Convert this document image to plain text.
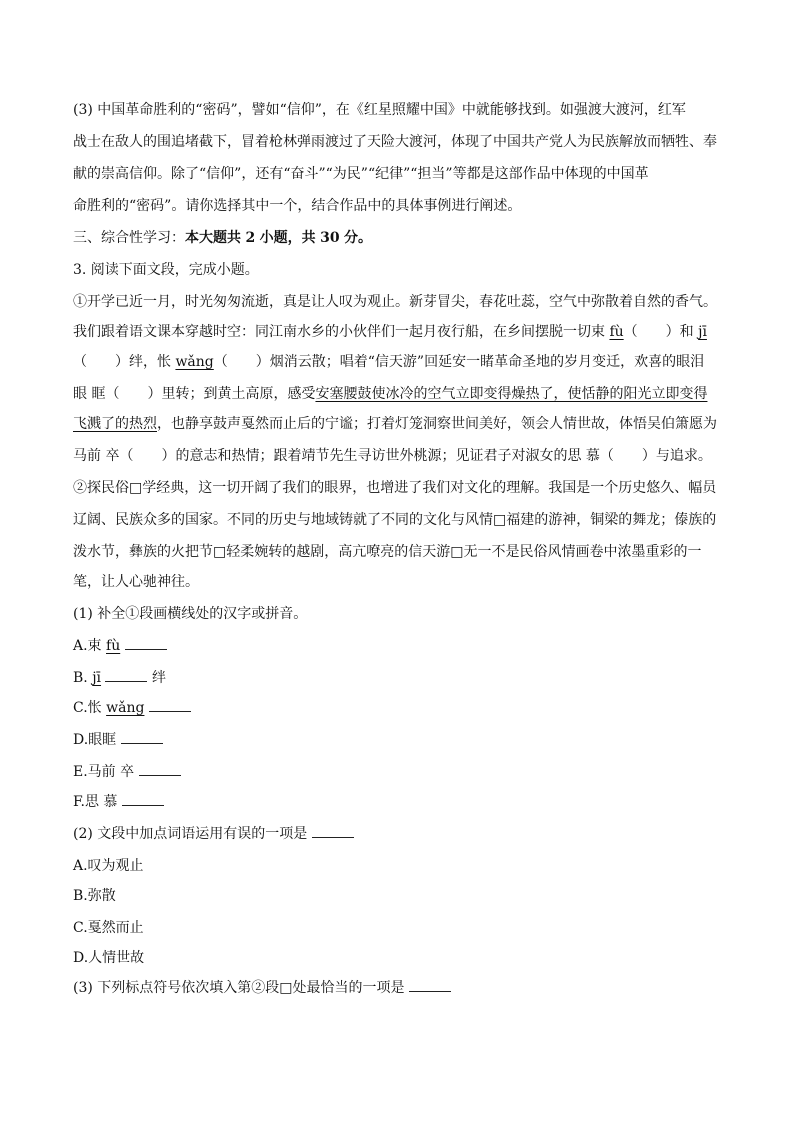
(3) 中国革命胜利的“密码”，譬如“信仰”，在《红星照耀中国》中就能够找到。如强渡大渡河，红军
战士在敌人的围追堵截下，冒着枪林弹雨渡过了天险大渡河，体现了中国共产党人为民族解放而牺牲、奉
献的崇高信仰。除了“信仰”，还有“奋斗”“为民”“纪律”“担当”等都是这部作品中体现的中国革
命胜利的“密码”。请你选择其中一个，结合作品中的具体事例进行阐述。
三、综合性学习：本大题共 2 小题，共 30 分。
3. 阅读下面文段，完成小题。
①开学已近一月，时光匆匆流逝，真是让人叹为观止。新芽冒尖，春花吐蕊，空气中弥散着自然的香气。
我们跟着语文课本穿越时空：同江南水乡的小伙伴们一起月夜行船，在乡间摆脱一切束 fù（　　）和 jī
（　　）绊，怅 wǎng（　　）烟消云散；唱着“信天游”回延安一睹革命圣地的岁月变迁，欢喜的眼泪
眼 眶（　　）里转；到黄土高原，感受安塞腰鼓使冰冷的空气立即变得燥热了，使恬静的阳光立即变得
飞溅了的热烈，也静享鼓声戛然而止后的宁谧；打着灯笼洞察世间美好，领会人情世故，体悟吴伯箫愿为
马前 卒（　　）的意志和热情；跟着靖节先生寻访世外桃源；见证君子对淑女的思 慕（　　）与追求。
②探民俗□学经典，这一切开阔了我们的眼界，也增进了我们对文化的理解。我国是一个历史悠久、幅员
辽阔、民族众多的国家。不同的历史与地域铸就了不同的文化与风情□福建的游神，铜梁的舞龙；傣族的
泼水节，彝族的火把节□轻柔婉转的越剧，高亢嘹亮的信天游□无一不是民俗风情画卷中浓墨重彩的一
笔，让人心驰神往。
(1) 补全①段画横线处的汉字或拼音。
A.束 fù
B. jī	绊
C.怅 wǎng
D.眼眶
E.马前 卒
F.思 慕
(2) 文段中加点词语运用有误的一项是
A.叹为观止
B.弥散
C.戛然而止
D.人情世故
(3) 下列标点符号依次填入第②段□处最恰当的一项是
